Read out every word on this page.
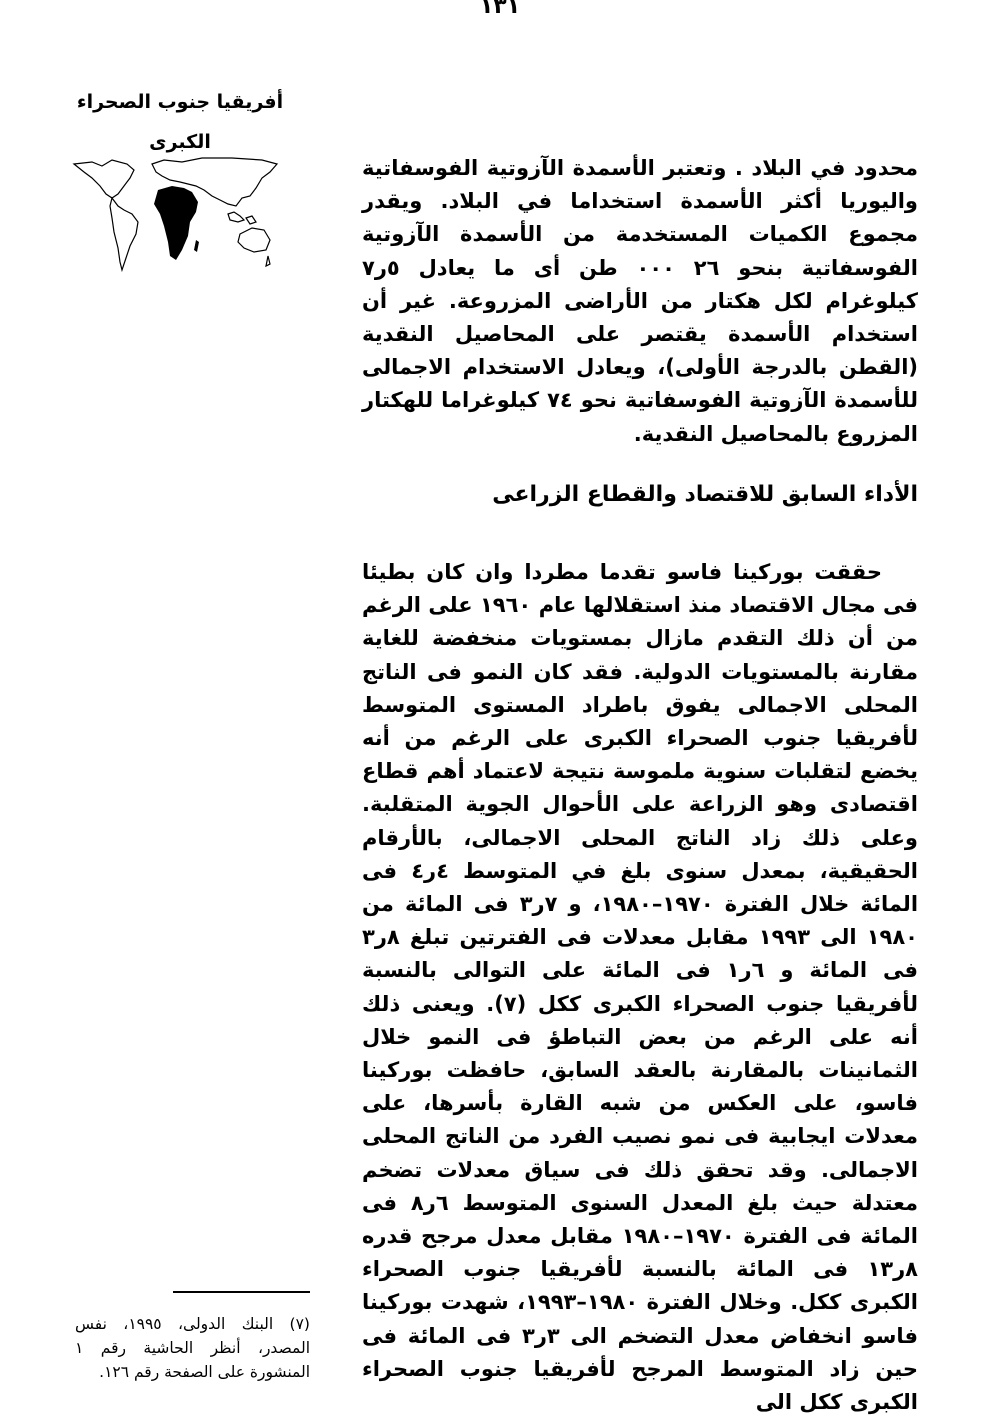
١٣١
أفريقيا جنوب الصحراء
الكبرى

محدود في البلاد . وتعتبر الأسمدة الآزوتية الفوسفاتية واليوريا أكثر الأسمدة استخداما في البلاد. ويقدر مجموع الكميات المستخدمة من الأسمدة الآزوتية الفوسفاتية بنحو ٢٦ ٠٠٠ طن أى ما يعادل ٥ر٧ كيلوغرام لكل هكتار من الأراضى المزروعة. غير أن استخدام الأسمدة يقتصر على المحاصيل النقدية (القطن بالدرجة الأولى)، ويعادل الاستخدام الاجمالى للأسمدة الآزوتية الفوسفاتية نحو ٧٤ كيلوغراما للهكتار المزروع بالمحاصيل النقدية.

الأداء السابق للاقتصاد والقطاع الزراعى

حققت بوركينا فاسو تقدما مطردا وان كان بطيئا فى مجال الاقتصاد منذ استقلالها عام ١٩٦٠ على الرغم من أن ذلك التقدم مازال بمستويات منخفضة للغاية مقارنة بالمستويات الدولية. فقد كان النمو فى الناتج المحلى الاجمالى يفوق باطراد المستوى المتوسط لأفريقيا جنوب الصحراء الكبرى على الرغم من أنه يخضع لتقلبات سنوية ملموسة نتيجة لاعتماد أهم قطاع اقتصادى وهو الزراعة على الأحوال الجوية المتقلبة. وعلى ذلك زاد الناتج المحلى الاجمالى، بالأرقام الحقيقية، بمعدل سنوى بلغ في المتوسط ٤ر٤ فى المائة خلال الفترة ١٩٧٠–١٩٨٠، و ٧ر٣ فى المائة من ١٩٨٠ الى ١٩٩٣ مقابل معدلات فى الفترتين تبلغ ٨ر٣ فى المائة و ٦ر١ فى المائة على التوالى بالنسبة لأفريقيا جنوب الصحراء الكبرى ككل (٧). ويعنى ذلك أنه على الرغم من بعض التباطؤ فى النمو خلال الثمانينات بالمقارنة بالعقد السابق، حافظت بوركينا فاسو، على العكس من شبه القارة بأسرها، على معدلات ايجابية فى نمو نصيب الفرد من الناتج المحلى الاجمالى. وقد تحقق ذلك فى سياق معدلات تضخم معتدلة حيث بلغ المعدل السنوى المتوسط ٦ر٨ فى المائة فى الفترة ١٩٧٠–١٩٨٠ مقابل معدل مرجح قدره ٨ر١٣ فى المائة بالنسبة لأفريقيا جنوب الصحراء الكبرى ككل. وخلال الفترة ١٩٨٠–١٩٩٣، شهدت بوركينا فاسو انخفاض معدل التضخم الى ٣ر٣ فى المائة فى حين زاد المتوسط المرجح لأفريقيا جنوب الصحراء الكبرى ككل الى

(٧) البنك الدولى، ١٩٩٥، نفس المصدر، أنظر الحاشية رقم ١ المنشورة على الصفحة رقم ١٢٦.
